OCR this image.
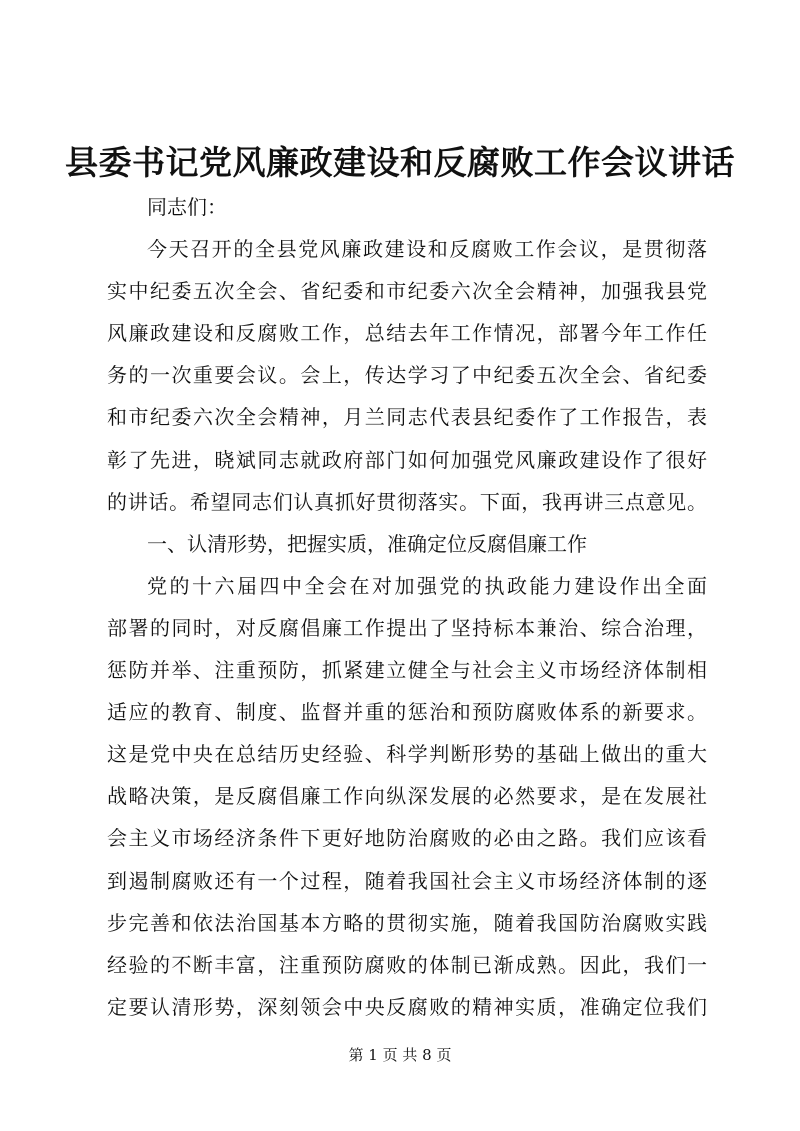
县委书记党风廉政建设和反腐败工作会议讲话
同志们：
今天召开的全县党风廉政建设和反腐败工作会议，是贯彻落
实中纪委五次全会、省纪委和市纪委六次全会精神，加强我县党
风廉政建设和反腐败工作，总结去年工作情况，部署今年工作任
务的一次重要会议。会上，传达学习了中纪委五次全会、省纪委
和市纪委六次全会精神，月兰同志代表县纪委作了工作报告，表
彰了先进，晓斌同志就政府部门如何加强党风廉政建设作了很好
的讲话。希望同志们认真抓好贯彻落实。下面，我再讲三点意见。
一、认清形势，把握实质，准确定位反腐倡廉工作
党的十六届四中全会在对加强党的执政能力建设作出全面
部署的同时，对反腐倡廉工作提出了坚持标本兼治、综合治理，
惩防并举、注重预防，抓紧建立健全与社会主义市场经济体制相
适应的教育、制度、监督并重的惩治和预防腐败体系的新要求。
这是党中央在总结历史经验、科学判断形势的基础上做出的重大
战略决策，是反腐倡廉工作向纵深发展的必然要求，是在发展社
会主义市场经济条件下更好地防治腐败的必由之路。我们应该看
到遏制腐败还有一个过程，随着我国社会主义市场经济体制的逐
步完善和依法治国基本方略的贯彻实施，随着我国防治腐败实践
经验的不断丰富，注重预防腐败的体制已渐成熟。因此，我们一
定要认清形势，深刻领会中央反腐败的精神实质，准确定位我们
第 1 页 共 8 页
